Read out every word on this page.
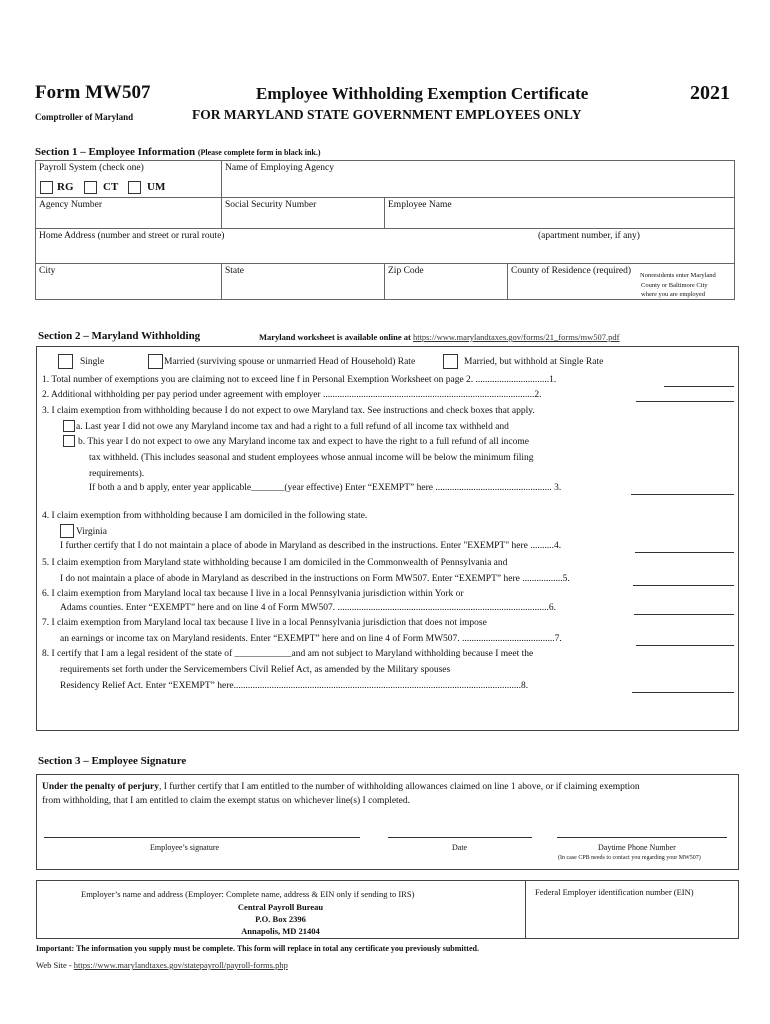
Form MW507	Employee Withholding Exemption Certificate	2021
Comptroller of Maryland	FOR MARYLAND STATE GOVERNMENT EMPLOYEES ONLY
Section 1 – Employee Information (Please complete form in black ink.)
Payroll System (check one)
RG	CT	UM
Name of Employing Agency
Agency Number	Social Security Number	Employee Name
Home Address (number and street or rural route)	(apartment number, if any)
City	State	Zip Code	County of Residence (required)	Nonresidents enter Maryland
County or Baltimore City
where you are employed
Section 2 – Maryland Withholding	Maryland worksheet is available online at https://www.marylandtaxes.gov/forms/21_forms/mw507.pdf
Single	Married (surviving spouse or unmarried Head of Household) Rate	Married, but withhold at Single Rate
1. Total number of exemptions you are claiming not to exceed line f in Personal Exemption Worksheet on page 2. ...............................1.
2. Additional withholding per pay period under agreement with employer .........................................................................................2.
3. I claim exemption from withholding because I do not expect to owe Maryland tax. See instructions and check boxes that apply.
a. Last year I did not owe any Maryland income tax and had a right to a full refund of all income tax withheld and
b. This year I do not expect to owe any Maryland income tax and expect to have the right to a full refund of all income
tax withheld. (This includes seasonal and student employees whose annual income will be below the minimum filing
requirements).
If both a and b apply, enter year applicable_______(year effective) Enter “EXEMPT” here ................................................. 3.
4. I claim exemption from withholding because I am domiciled in the following state.
Virginia
I further certify that I do not maintain a place of abode in Maryland as described in the instructions. Enter "EXEMPT" here ..........4.
5. I claim exemption from Maryland state withholding because I am domiciled in the Commonwealth of Pennsylvania and
I do not maintain a place of abode in Maryland as described in the instructions on Form MW507. Enter “EXEMPT” here .................5.
6. I claim exemption from Maryland local tax because I live in a local Pennsylvania jurisdiction within York or
Adams counties. Enter “EXEMPT” here and on line 4 of Form MW507. .........................................................................................6.
7. I claim exemption from Maryland local tax because I live in a local Pennsylvania jurisdiction that does not impose
an earnings or income tax on Maryland residents. Enter “EXEMPT” here and on line 4 of Form MW507. .......................................7.
8. I certify that I am a legal resident of the state of ____________and am not subject to Maryland withholding because I meet the
requirements set forth under the Servicemembers Civil Relief Act, as amended by the Military spouses
Residency Relief Act. Enter “EXEMPT” here.........................................................................................................................8.
Section 3 – Employee Signature
Under the penalty of perjury, I further certify that I am entitled to the number of withholding allowances claimed on line 1 above, or if claiming exemption
from withholding, that I am entitled to claim the exempt status on whichever line(s) I completed.
Employee’s signature	Date	Daytime Phone Number
(In case CPB needs to contact you regarding your MW507)
Employer’s name and address (Employer: Complete name, address & EIN only if sending to IRS)
Central Payroll Bureau
P.O. Box 2396
Annapolis, MD 21404
Federal Employer identification number (EIN)
Important: The information you supply must be complete. This form will replace in total any certificate you previously submitted.
Web Site - https://www.marylandtaxes.gov/statepayroll/payroll-forms.php
